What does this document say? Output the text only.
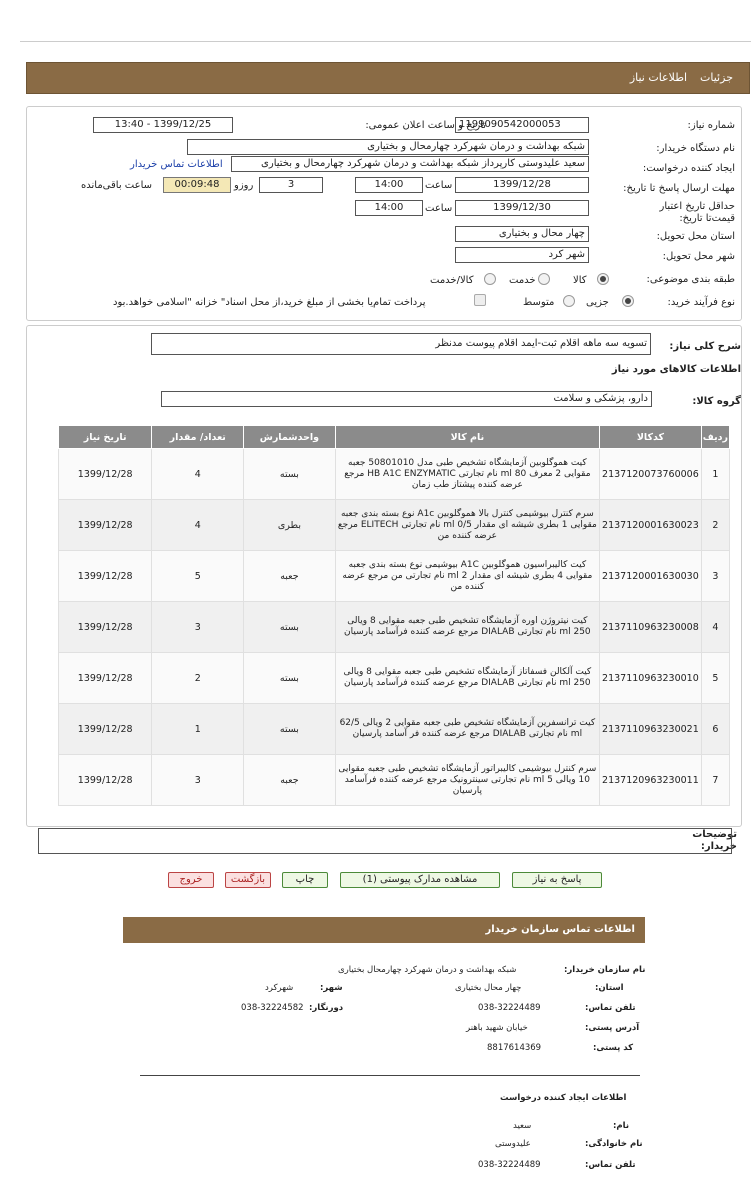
جزئیات
اطلاعات نیاز
شماره نیاز:
1199090542000053
تاریخ و ساعت اعلان عمومی:
1399/12/25 - 13:40
نام دستگاه خریدار:
شبکه بهداشت و درمان شهرکرد چهارمحال و بختیاری
ایجاد کننده درخواست:
سعید علیدوستی کارپرداز شبکه بهداشت و درمان شهرکرد چهارمحال و بختیاری
اطلاعات تماس خریدار
مهلت ارسال پاسخ تا تاریخ:
1399/12/28
ساعت
14:00
3
روزو
00:09:48
ساعت باقی‌مانده
حداقل تاریخ اعتبار قیمت‌تا تاریخ:
1399/12/30
ساعت
14:00
استان محل تحویل:
چهار محال و بختیاری
شهر محل تحویل:
شهر کرد
طبقه بندی موضوعی:
کالا
خدمت
کالا/خدمت
نوع فرآیند خرید:
جزیی
متوسط
پرداخت تمام‌یا بخشی از مبلغ خرید،از محل اسناد" خزانه "اسلامی خواهد.بود
شرح کلی نیاز:
تسویه سه ماهه اقلام ثبت-ایمد اقلام پیوست مدنظر
اطلاعات کالاهای مورد نیاز
گروه کالا:
دارو، پزشکی و سلامت
ردیف	کدکالا	نام کالا	واحدشمارش	تعداد/ مقدار	تاریخ نیاز
1	2137120073760006	کیت هموگلوبین آزمایشگاه تشخیص طبی مدل 50801010 جعبه مقوایی 2 معرف 80 ml نام تجارتی HB A1C ENZYMATIC مرجع عرضه کننده پیشتاز طب زمان	بسته	4	1399/12/28
2	2137120001630023	سرم کنترل بیوشیمی کنترل بالا هموگلوبین A1c نوع بسته بندی جعبه مقوایی 1 بطری شیشه ای مقدار 0/5 ml نام تجارتی ELITECH مرجع عرضه کننده من	بطری	4	1399/12/28
3	2137120001630030	کیت کالیبراسیون هموگلوبین A1C بیوشیمی نوع بسته بندی جعبه مقوایی 4 بطری شیشه ای مقدار 2 ml نام تجارتی من مرجع عرضه کننده من	جعبه	5	1399/12/28
4	2137110963230008	کیت نیتروژن اوره آزمایشگاه تشخیص طبی جعبه مقوایی 8 ویالی 250 ml نام تجارتی DIALAB مرجع عرضه کننده فرآسامد پارسیان	بسته	3	1399/12/28
5	2137110963230010	کیت آلکالن فسفاتاز آزمایشگاه تشخیص طبی جعبه مقوایی 8 ویالی 250 ml نام تجارتی DIALAB مرجع عرضه کننده فرآسامد پارسیان	بسته	2	1399/12/28
6	2137110963230021	کیت ترانسفرین آزمایشگاه تشخیص طبی جعبه مقوایی 2 ویالی 62/5 ml نام تجارتی DIALAB مرجع عرضه کننده فر آسامد پارسیان	بسته	1	1399/12/28
7	2137120963230011	سرم کنترل بیوشیمی کالیبراتور آزمایشگاه تشخیص طبی جعبه مقوایی 10 ویالی 5 ml نام تجارتی سینترونیک مرجع عرضه کننده فرآسامد پارسیان	جعبه	3	1399/12/28
توضیحات خریدار:
پاسخ به نیاز
مشاهده مدارک پیوستی (1)
چاپ
بازگشت
خروج
اطلاعات تماس سازمان خریدار
نام سازمان خریدار:
شبکه بهداشت و درمان شهرکرد چهارمحال بختیاری
استان:
چهار محال بختیاری
شهر:
شهرکرد
تلفن تماس:
038-32224489
دورنگار:
038-32224582
آدرس پستی:
خیابان شهید باهنر
کد پستی:
8817614369
اطلاعات ایجاد کننده درخواست
نام:
سعید
نام خانوادگی:
علیدوستی
تلفن تماس:
038-32224489
